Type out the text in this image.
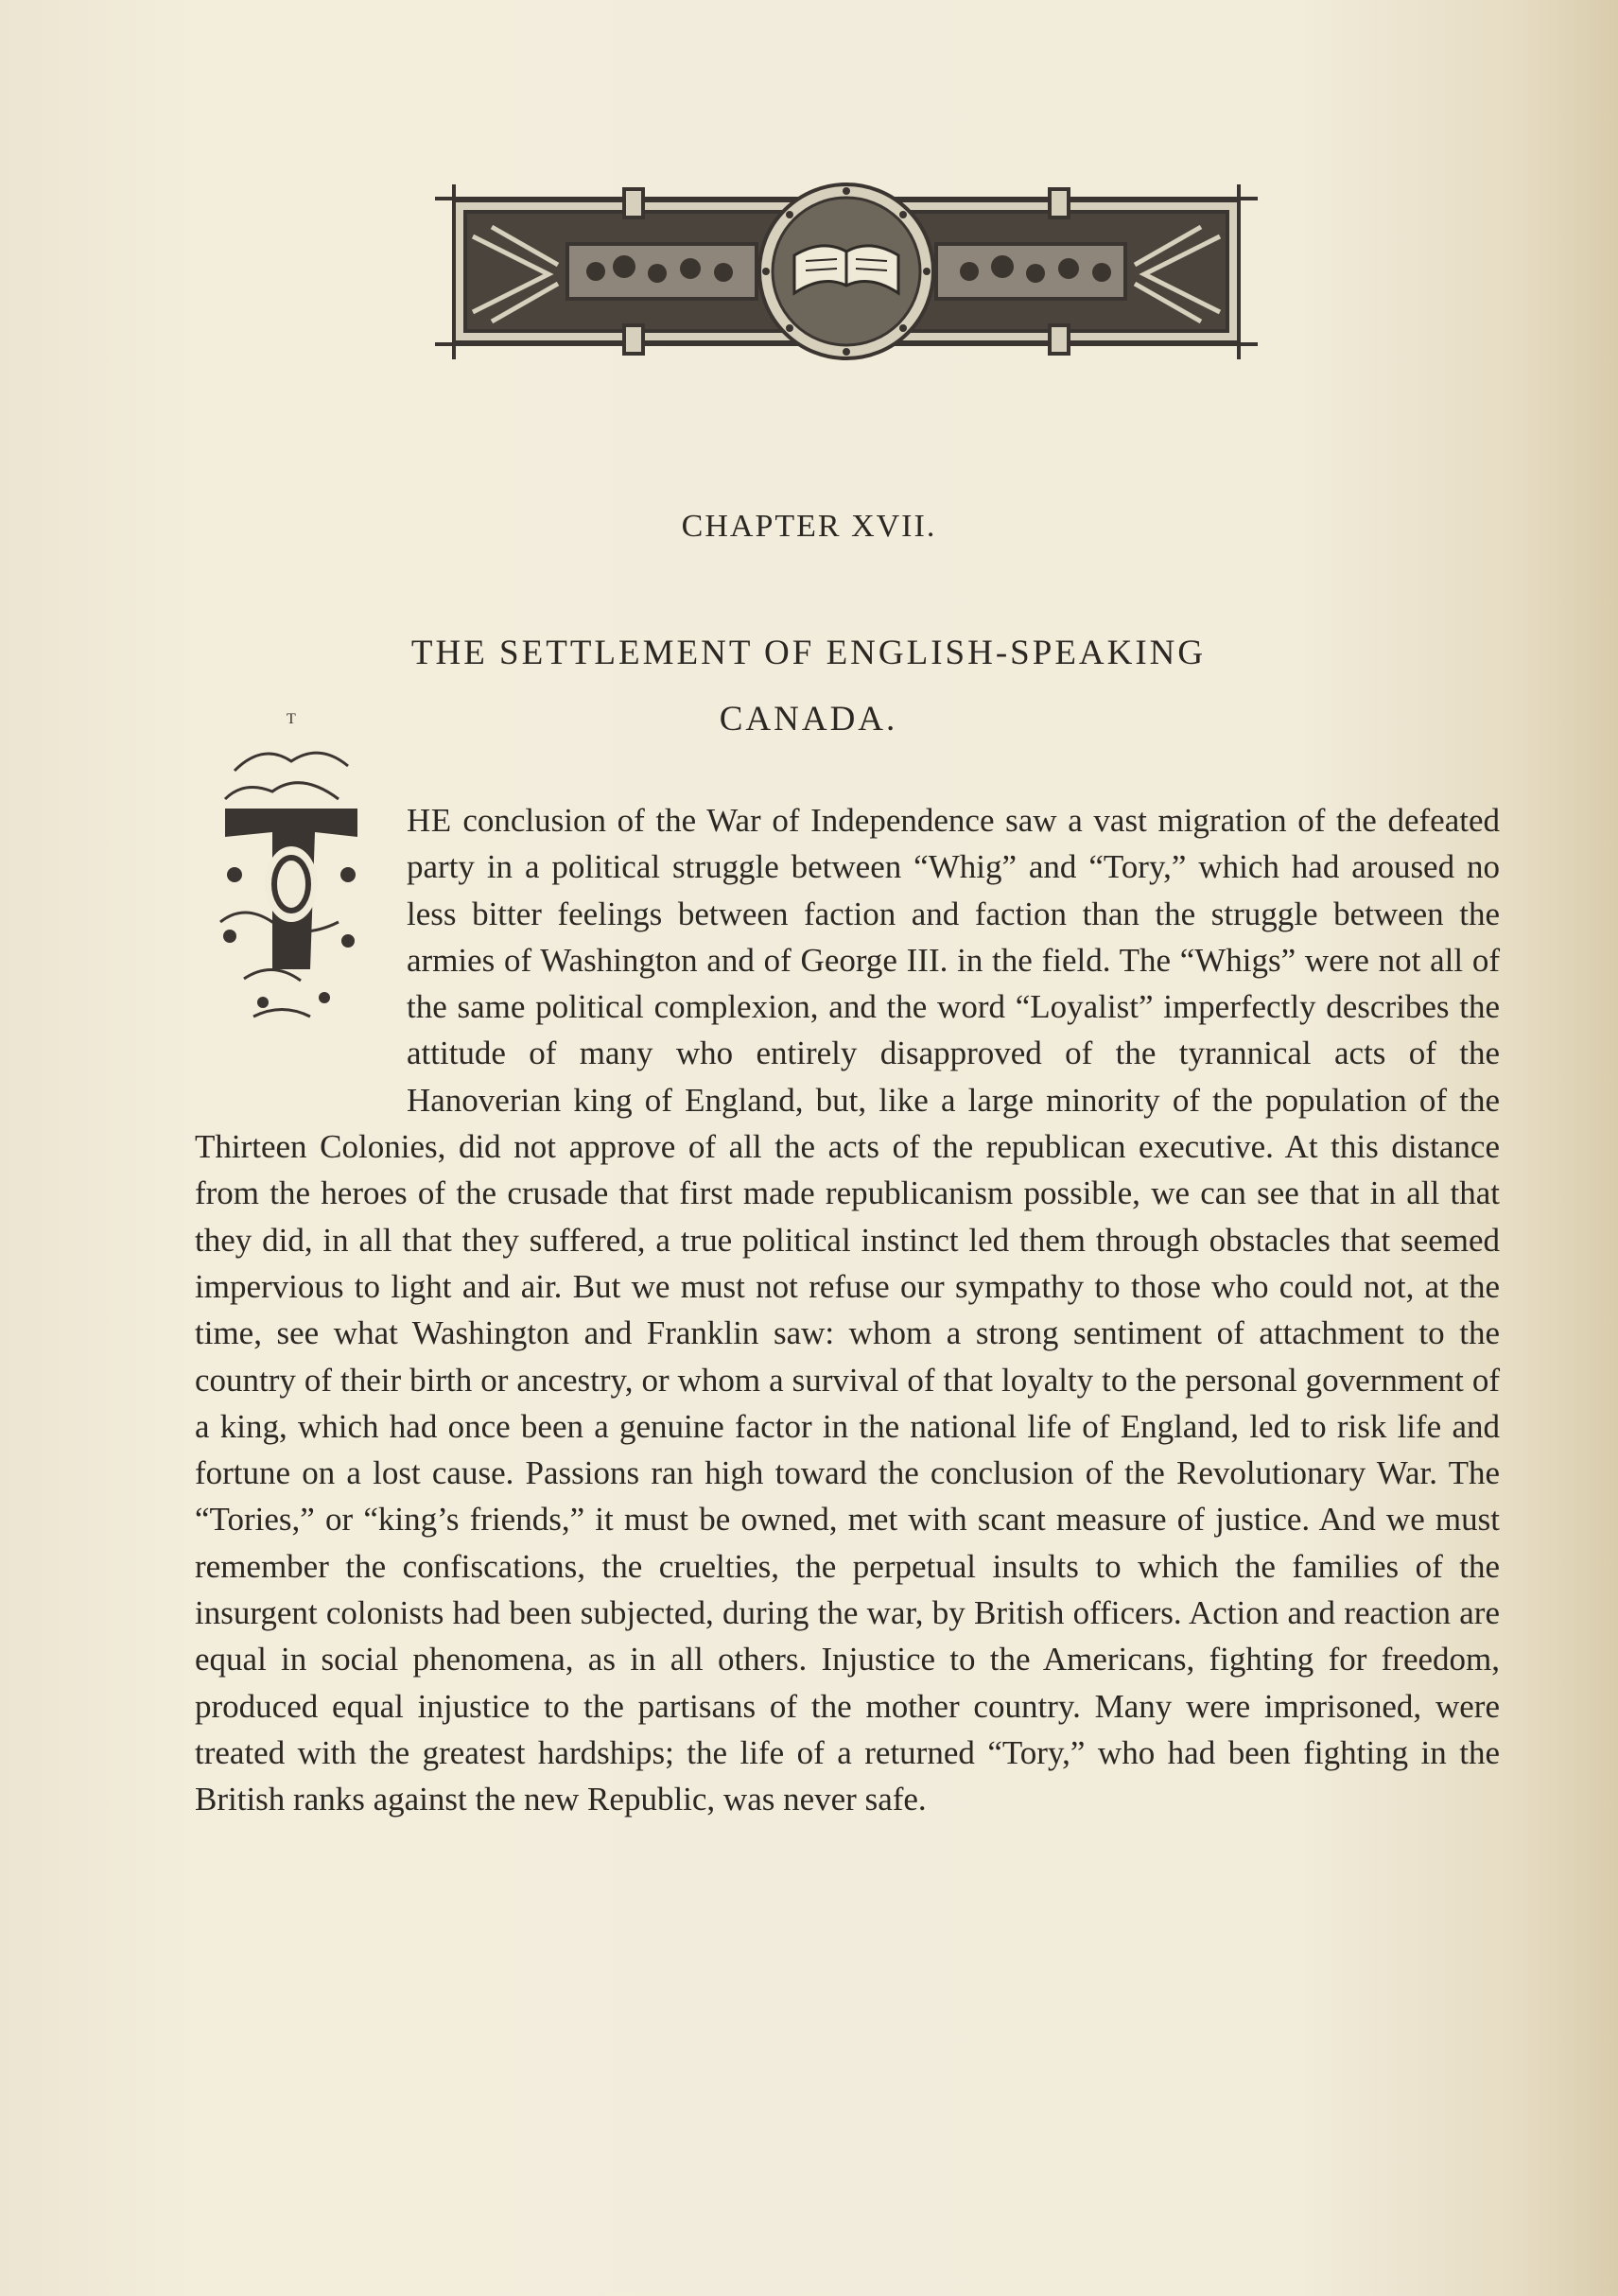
CHAPTER XVII.
THE SETTLEMENT OF ENGLISH-SPEAKING
CANADA.
T

HE conclusion of the War of Independence saw a vast migration of the defeated party in a political struggle between “Whig” and “Tory,” which had aroused no less bitter feelings between faction and faction than the struggle between the armies of Washington and of George III. in the field. The “Whigs” were not all of the same political complexion, and the word “Loyalist” imperfectly describes the attitude of many who entirely disapproved of the tyrannical acts of the Hanoverian king of England, but, like a large minority of the population of the Thirteen Colonies, did not approve of all the acts of the republican executive. At this distance from the heroes of the crusade that first made republicanism possible, we can see that in all that they did, in all that they suffered, a true political instinct led them through obstacles that seemed impervious to light and air. But we must not refuse our sympathy to those who could not, at the time, see what Washington and Franklin saw: whom a strong sentiment of attachment to the country of their birth or ancestry, or whom a survival of that loyalty to the personal government of a king, which had once been a genuine factor in the national life of England, led to risk life and fortune on a lost cause. Passions ran high toward the conclusion of the Revolutionary War. The “Tories,” or “king’s friends,” it must be owned, met with scant measure of justice. And we must remember the confiscations, the cruelties, the perpetual insults to which the families of the insurgent colonists had been subjected, during the war, by British officers. Action and reaction are equal in social phenomena, as in all others. Injustice to the Americans, fighting for freedom, produced equal injustice to the partisans of the mother country. Many were imprisoned, were treated with the greatest hardships; the life of a returned “Tory,” who had been fighting in the British ranks against the new Republic, was never safe.
